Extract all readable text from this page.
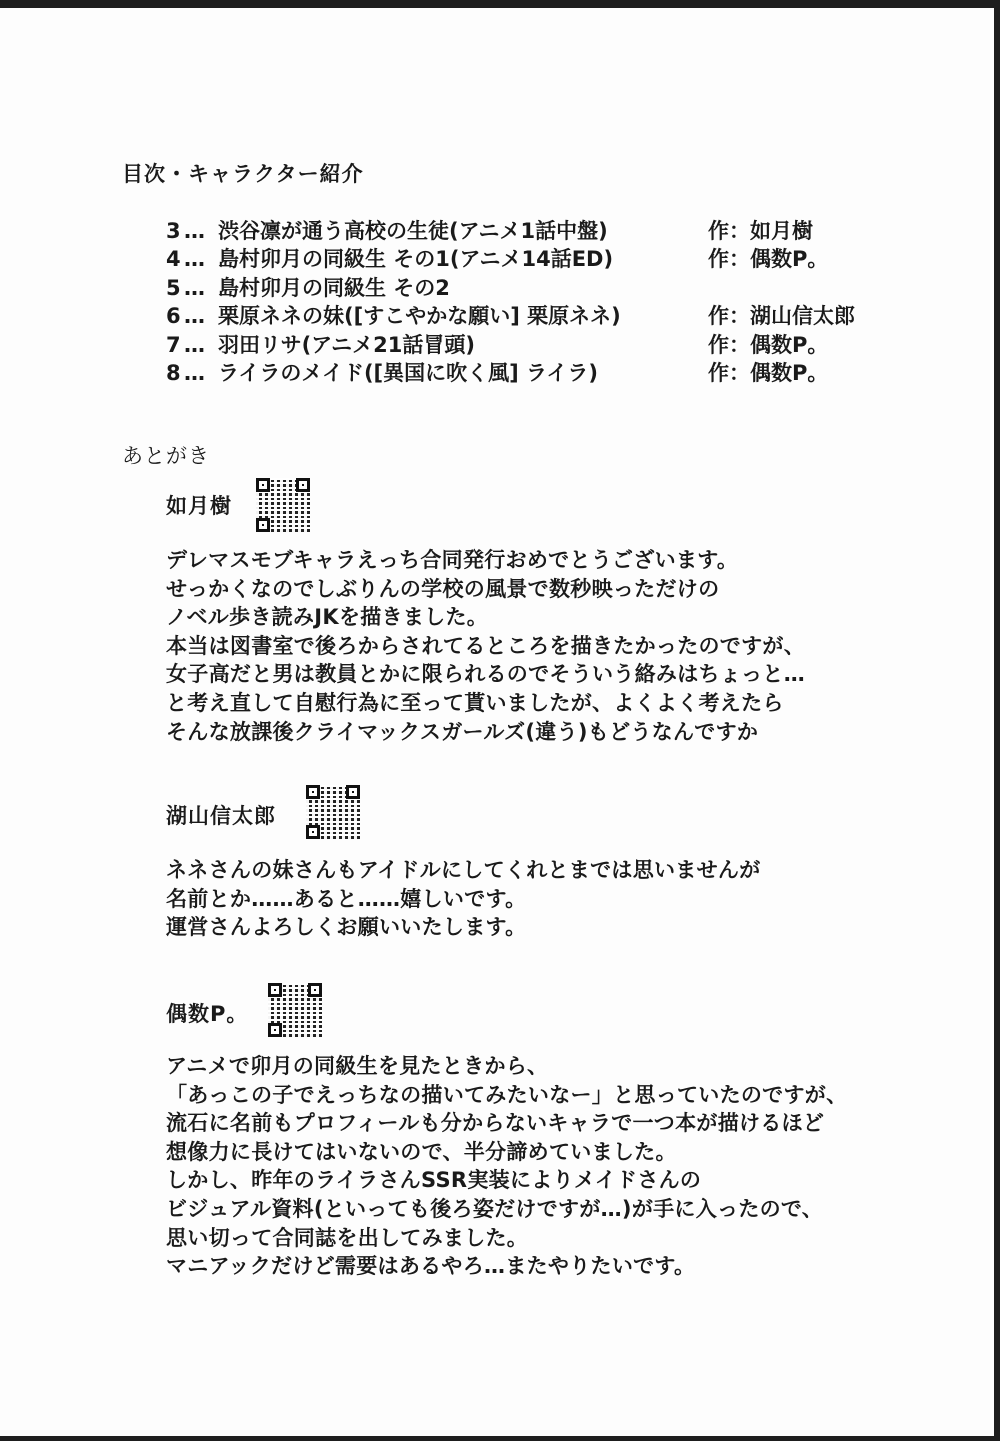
目次・キャラクター紹介
3 … 渋谷凛が通う高校の生徒(アニメ1話中盤)	作：如月樹
4 … 島村卯月の同級生 その1(アニメ14話ED)	作：偶数P。
5 … 島村卯月の同級生 その2
6 … 栗原ネネの妹([すこやかな願い] 栗原ネネ)	作：湖山信太郎
7 … 羽田リサ(アニメ21話冒頭)	作：偶数P。
8 … ライラのメイド([異国に吹く風] ライラ)	作：偶数P。
あとがき
如月樹
デレマスモブキャラえっち合同発行おめでとうございます。
せっかくなのでしぶりんの学校の風景で数秒映っただけの
ノベル歩き読みJKを描きました。
本当は図書室で後ろからされてるところを描きたかったのですが、
女子高だと男は教員とかに限られるのでそういう絡みはちょっと…
と考え直して自慰行為に至って貰いましたが、よくよく考えたら
そんな放課後クライマックスガールズ(違う)もどうなんですか
湖山信太郎
ネネさんの妹さんもアイドルにしてくれとまでは思いませんが
名前とか……あると……嬉しいです。
運営さんよろしくお願いいたします。
偶数P。
アニメで卯月の同級生を見たときから、
「あっこの子でえっちなの描いてみたいなー」と思っていたのですが、
流石に名前もプロフィールも分からないキャラで一つ本が描けるほど
想像力に長けてはいないので、半分諦めていました。
しかし、昨年のライラさんSSR実装によりメイドさんの
ビジュアル資料(といっても後ろ姿だけですが…)が手に入ったので、
思い切って合同誌を出してみました。
マニアックだけど需要はあるやろ…またやりたいです。
